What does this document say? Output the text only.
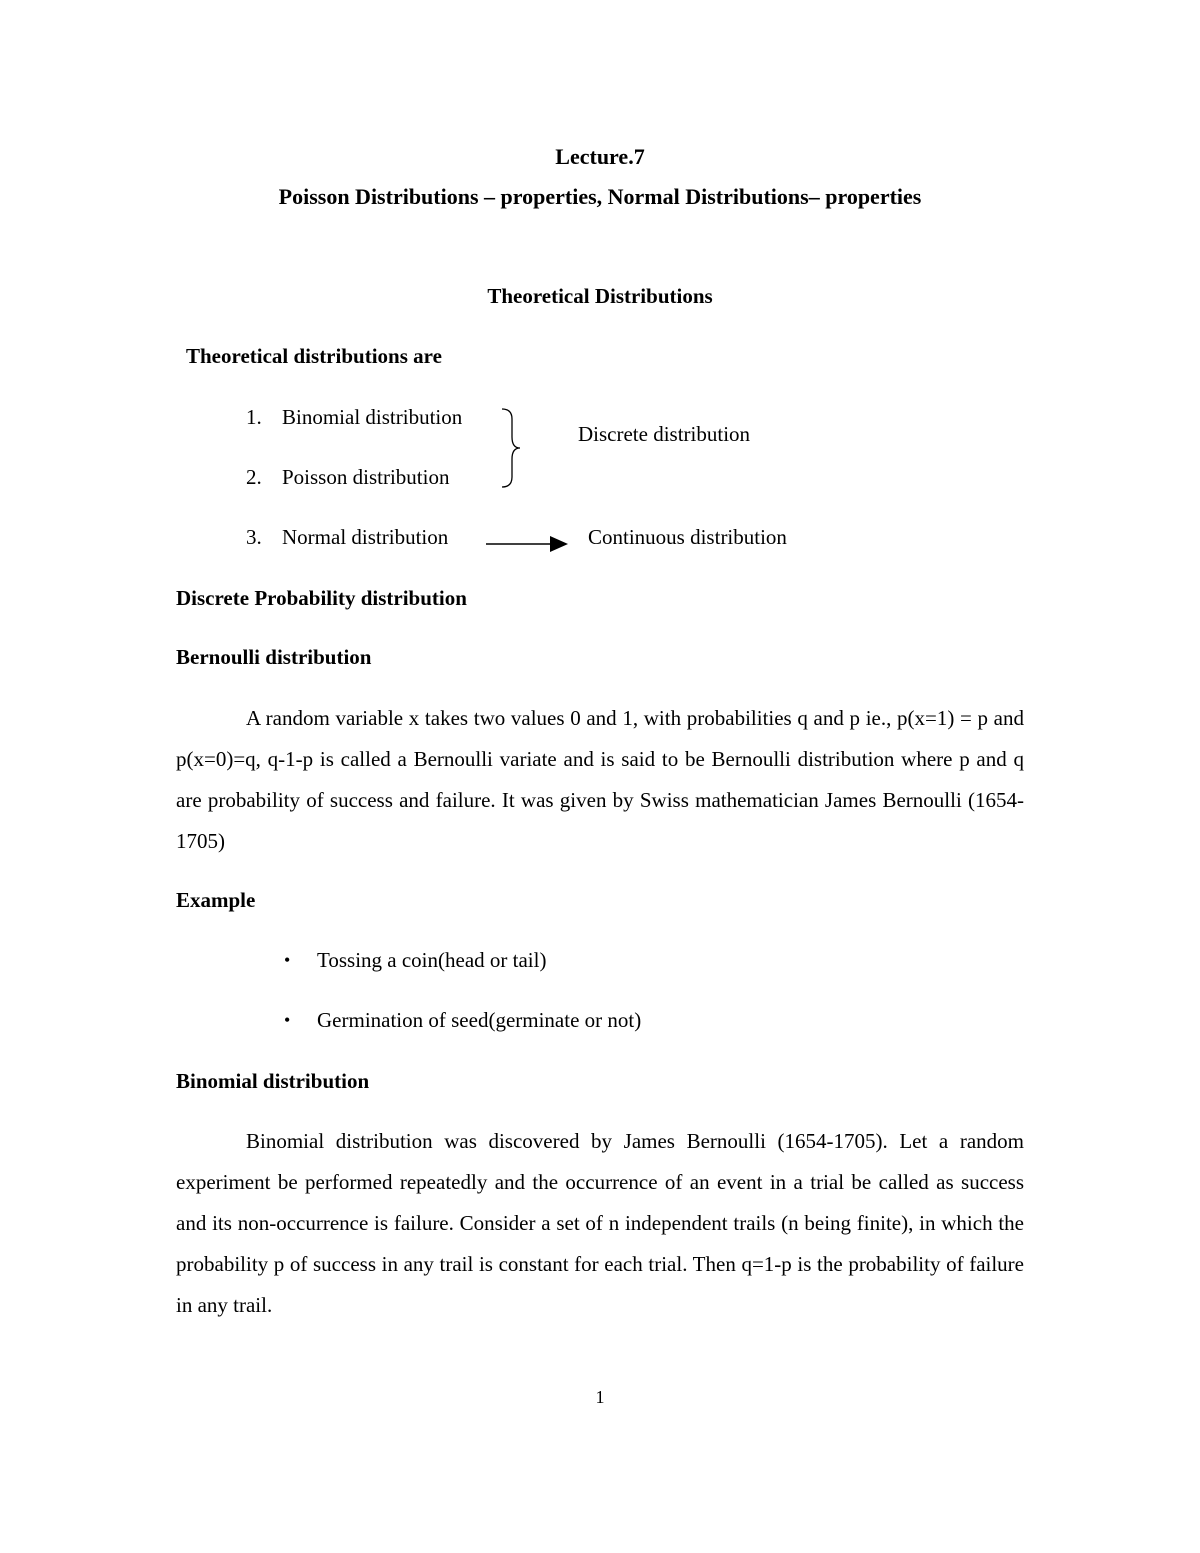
Lecture.7
Poisson Distributions – properties, Normal Distributions– properties
Theoretical Distributions
Theoretical distributions are
1. Binomial distribution
2. Poisson distribution
3. Normal distribution
Discrete distribution
Continuous distribution
Discrete Probability distribution
Bernoulli distribution

A random variable x takes two values 0 and 1, with probabilities q and p ie., p(x=1) = p and p(x=0)=q, q-1-p is called a Bernoulli variate and is said to be Bernoulli distribution where p and q are probability of success and failure. It was given by Swiss mathematician James Bernoulli (1654-1705)

Example
• Tossing a coin(head or tail)
• Germination of seed(germinate or not)
Binomial distribution

Binomial distribution was discovered by James Bernoulli (1654-1705). Let a random experiment be performed repeatedly and the occurrence of an event in a trial be called as success and its non-occurrence is failure. Consider a set of n independent trails (n being finite), in which the probability p of success in any trail is constant for each trial. Then q=1-p is the probability of failure in any trail.

1
